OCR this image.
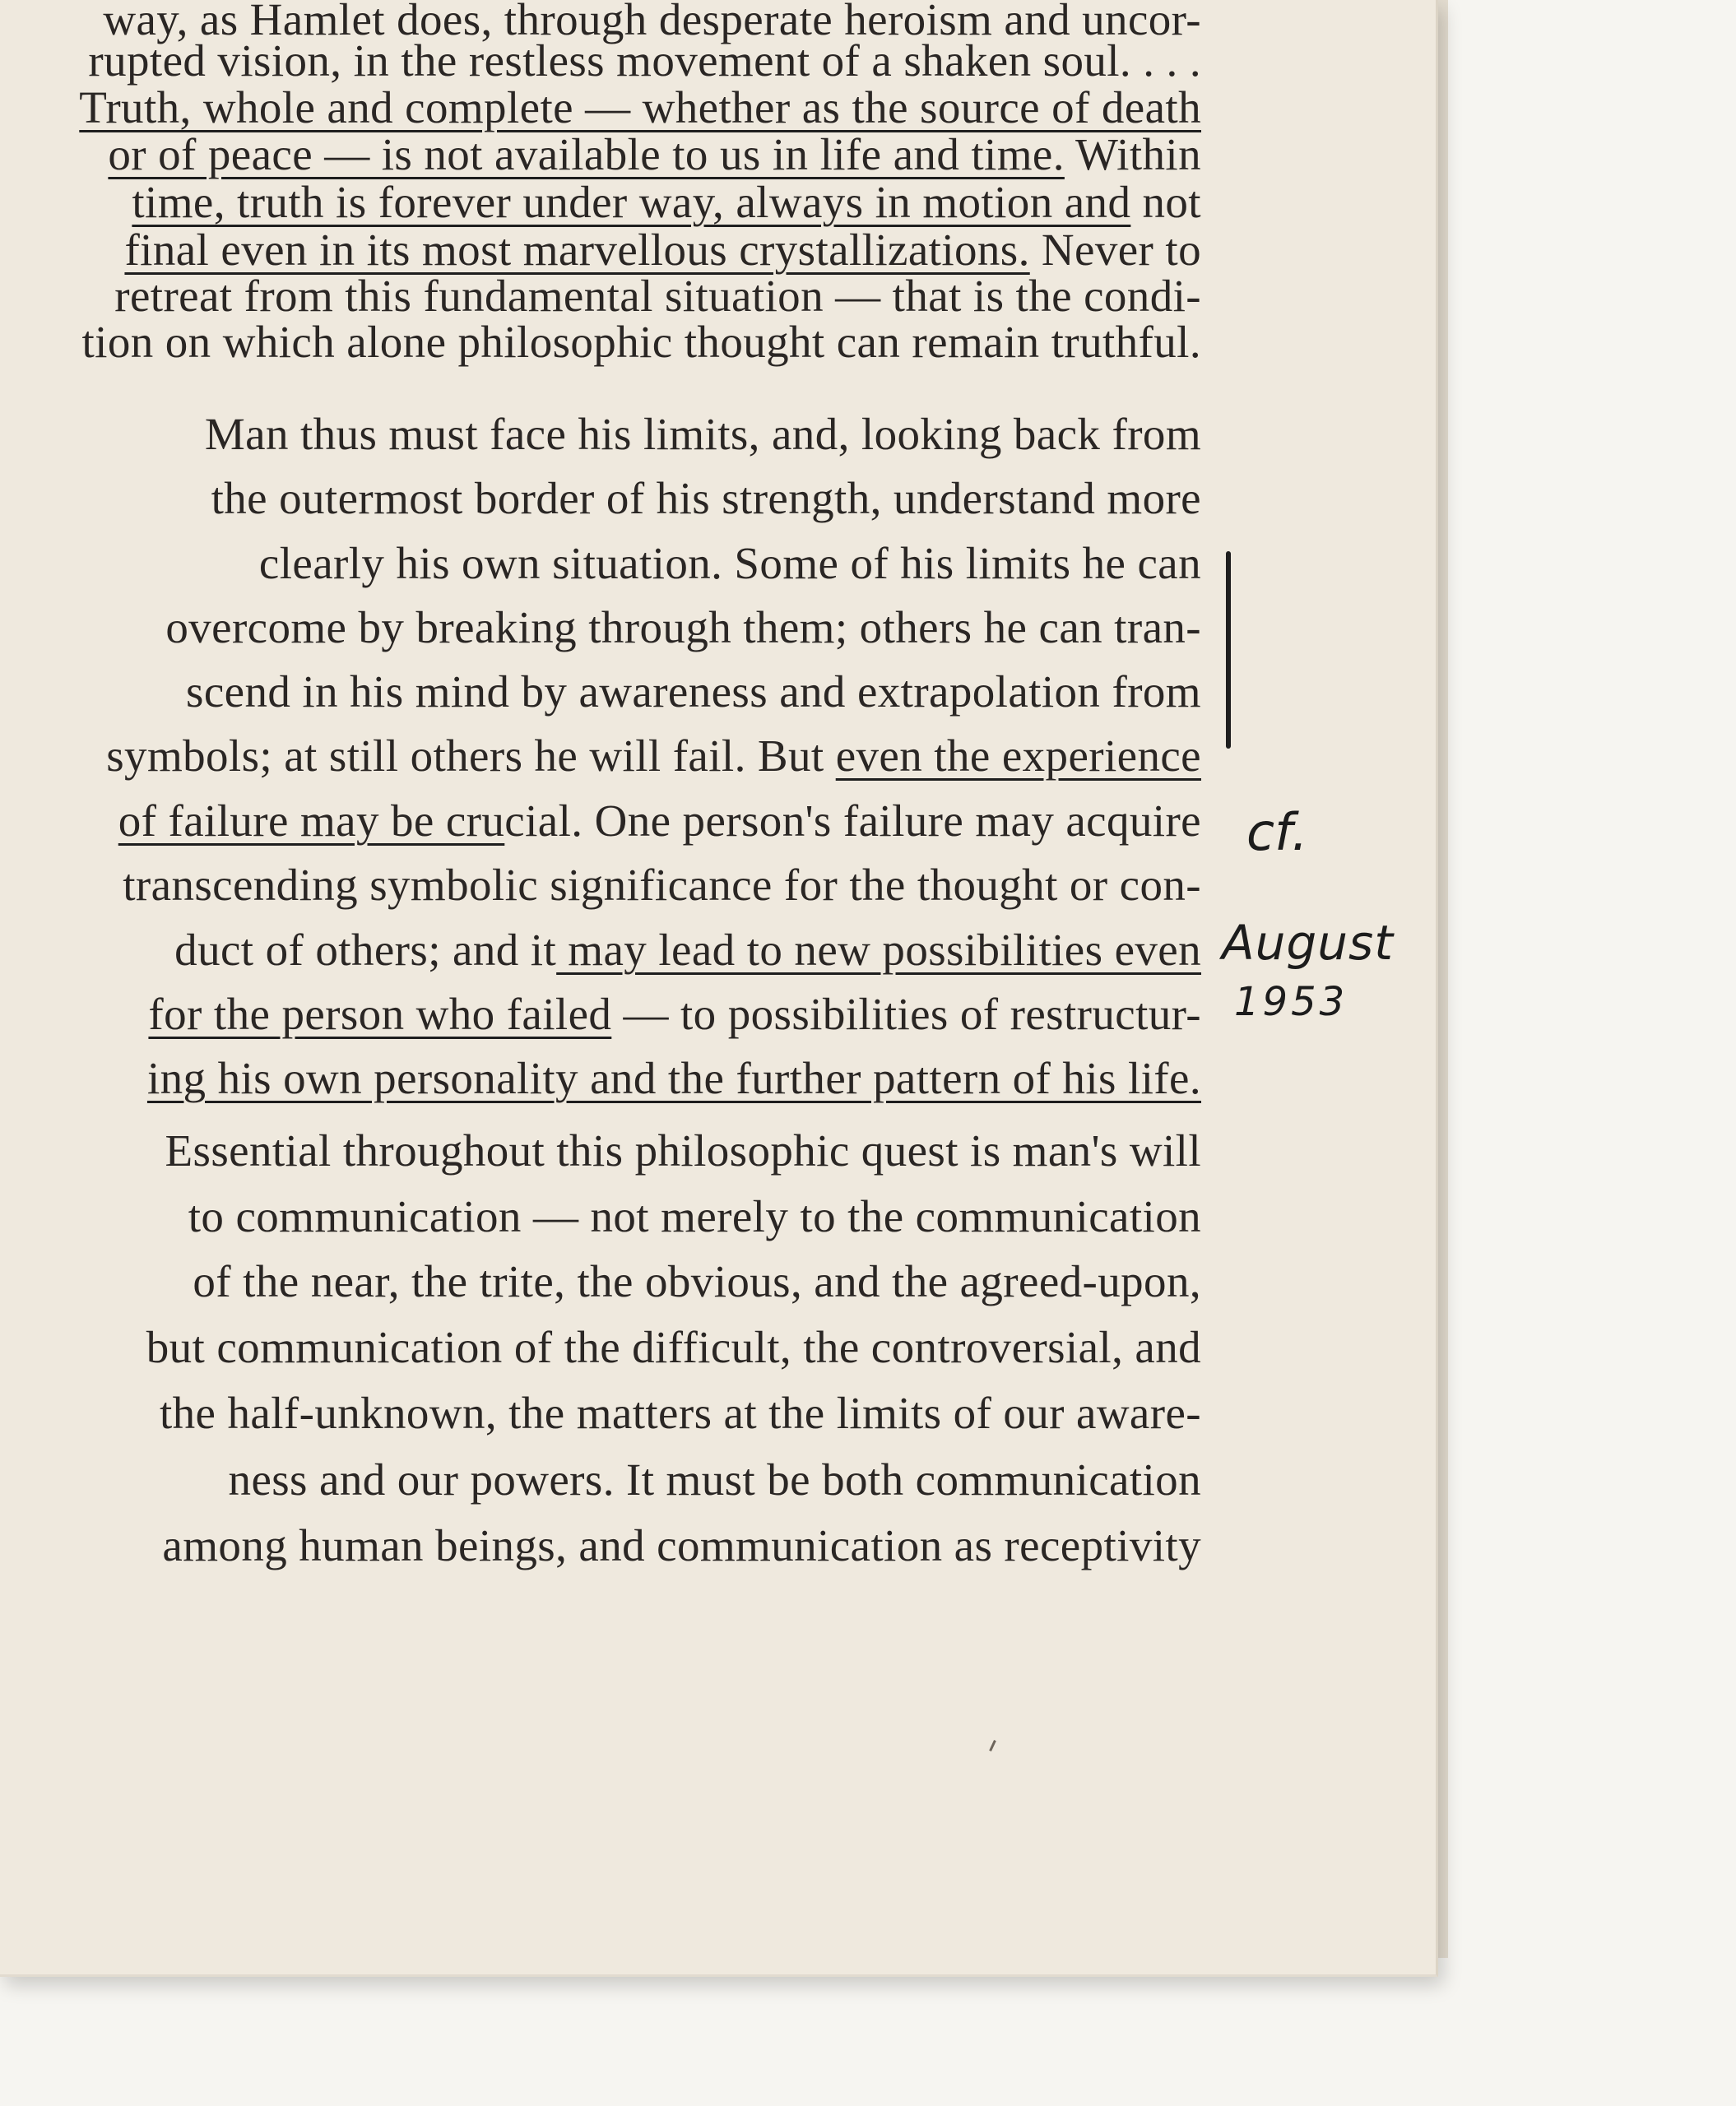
way, as Hamlet does, through desperate heroism and uncor-
rupted vision, in the restless movement of a shaken soul. . . .
Truth, whole and complete — whether as the source of death
or of peace — is not available to us in life and time. Within
time, truth is forever under way, always in motion and not
final even in its most marvellous crystallizations. Never to
retreat from this fundamental situation — that is the condi-
tion on which alone philosophic thought can remain truthful.
Man thus must face his limits, and, looking back from
the outermost border of his strength, understand more
clearly his own situation. Some of his limits he can
overcome by breaking through them; others he can tran-
scend in his mind by awareness and extrapolation from
symbols; at still others he will fail. But even the experience
of failure may be crucial. One person's failure may acquire
transcending symbolic significance for the thought or con-
duct of others; and it may lead to new possibilities even
for the person who failed — to possibilities of restructur-
ing his own personality and the further pattern of his life.
Essential throughout this philosophic quest is man's will
to communication — not merely to the communication
of the near, the trite, the obvious, and the agreed-upon,
but communication of the difficult, the controversial, and
the half-unknown, the matters at the limits of our aware-
ness and our powers. It must be both communication
among human beings, and communication as receptivity
cf.
August
1953
